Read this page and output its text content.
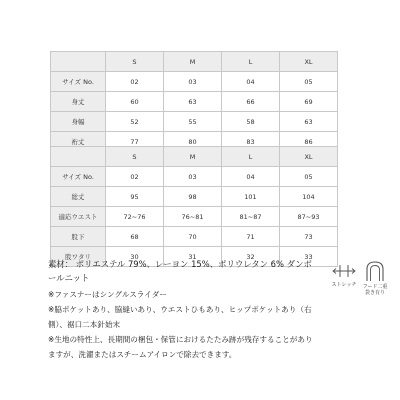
	S	M	L	XL
サイズ No.	02	03	04	05
身丈	60	63	66	69
身幅	52	55	58	63
裄丈	77	80	83	86
	S	M	L	XL
サイズ No.	02	03	04	05
総丈	95	98	101	104
適応ウエスト	72~76	76~81	81~87	87~93
股下	68	70	71	73
股ワタリ	30	31	32	33

素材： ポリエステル 79%、レーヨン 15%、ポリウレタン 6% ダンボールニット

※ファスナーはシングルスライダー

※脇ポケットあり、脇縫いあり、ウエストひもあり、ヒップポケットあり（右側）、裾口二本針始末

※生地の特性上、長期間の梱包・保管におけるたたみ跡が残存することがありますが、洗濯またはスチームアイロンで除去できます。

ストレッチ	フード二重 袋き有り
